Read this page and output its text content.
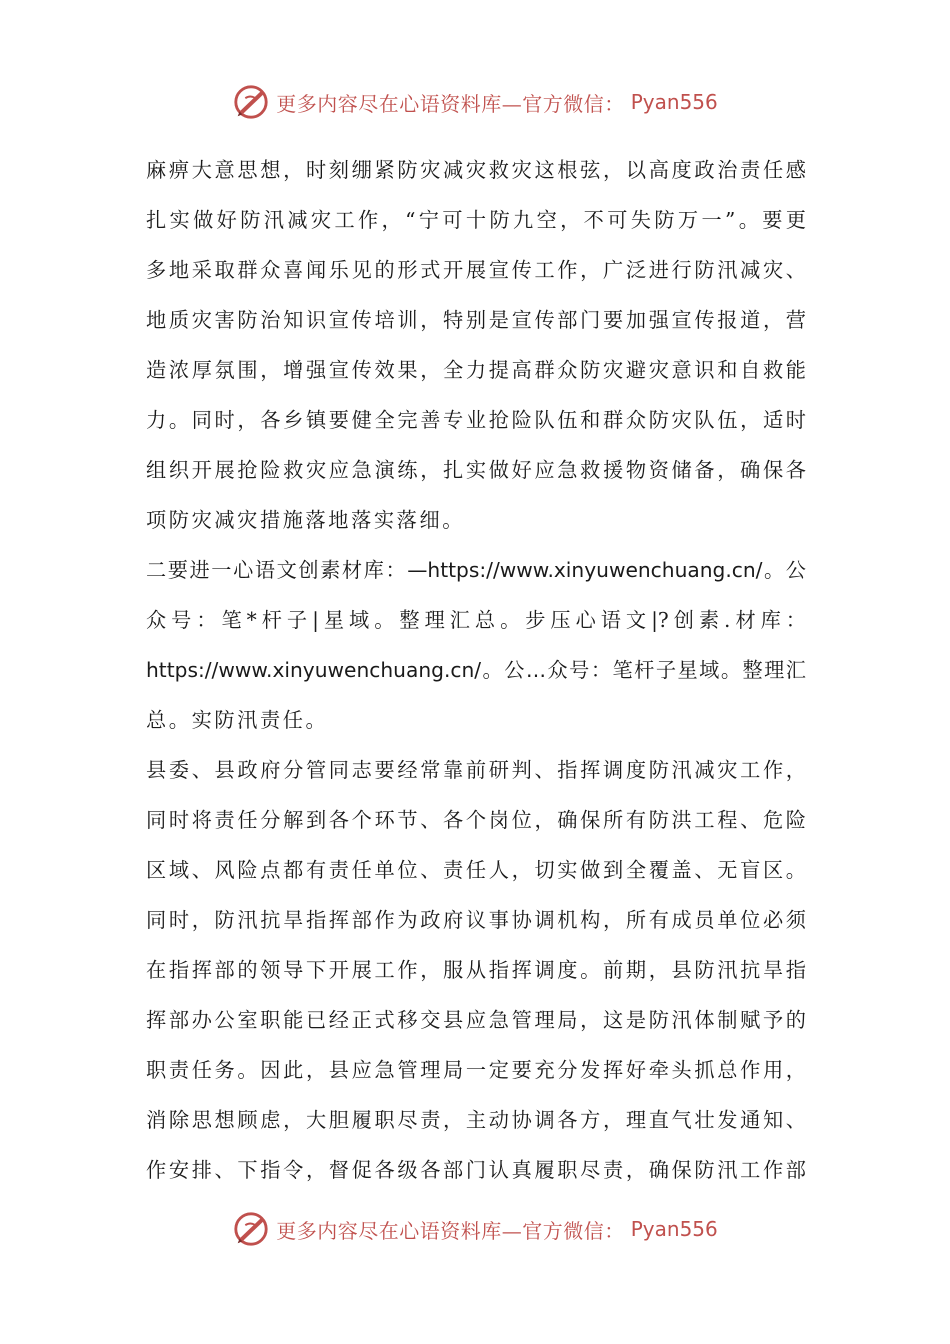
更多内容尽在心语资料库—官方微信： Pyan556
麻痹大意思想，时刻绷紧防灾减灾救灾这根弦，以高度政治责任感
扎实做好防汛减灾工作，“宁可十防九空，不可失防万一”。要更
多地采取群众喜闻乐见的形式开展宣传工作，广泛进行防汛减灾、
地质灾害防治知识宣传培训，特别是宣传部门要加强宣传报道，营
造浓厚氛围，增强宣传效果，全力提高群众防灾避灾意识和自救能
力。同时，各乡镇要健全完善专业抢险队伍和群众防灾队伍，适时
组织开展抢险救灾应急演练，扎实做好应急救援物资储备，确保各
项防灾减灾措施落地落实落细。
二要进一心语文创素材库：—https://www.xinyuwenchuang.cn/。公
众号：笔*杆子|星域。整理汇总。步压心语文|?创素.材库：
https://www.xinyuwenchuang.cn/。公…众号：笔杆子星域。整理汇
总。实防汛责任。
县委、县政府分管同志要经常靠前研判、指挥调度防汛减灾工作，
同时将责任分解到各个环节、各个岗位，确保所有防洪工程、危险
区域、风险点都有责任单位、责任人，切实做到全覆盖、无盲区。
同时，防汛抗旱指挥部作为政府议事协调机构，所有成员单位必须
在指挥部的领导下开展工作，服从指挥调度。前期，县防汛抗旱指
挥部办公室职能已经正式移交县应急管理局，这是防汛体制赋予的
职责任务。因此，县应急管理局一定要充分发挥好牵头抓总作用，
消除思想顾虑，大胆履职尽责，主动协调各方，理直气壮发通知、
作安排、下指令，督促各级各部门认真履职尽责，确保防汛工作部
更多内容尽在心语资料库—官方微信： Pyan556
